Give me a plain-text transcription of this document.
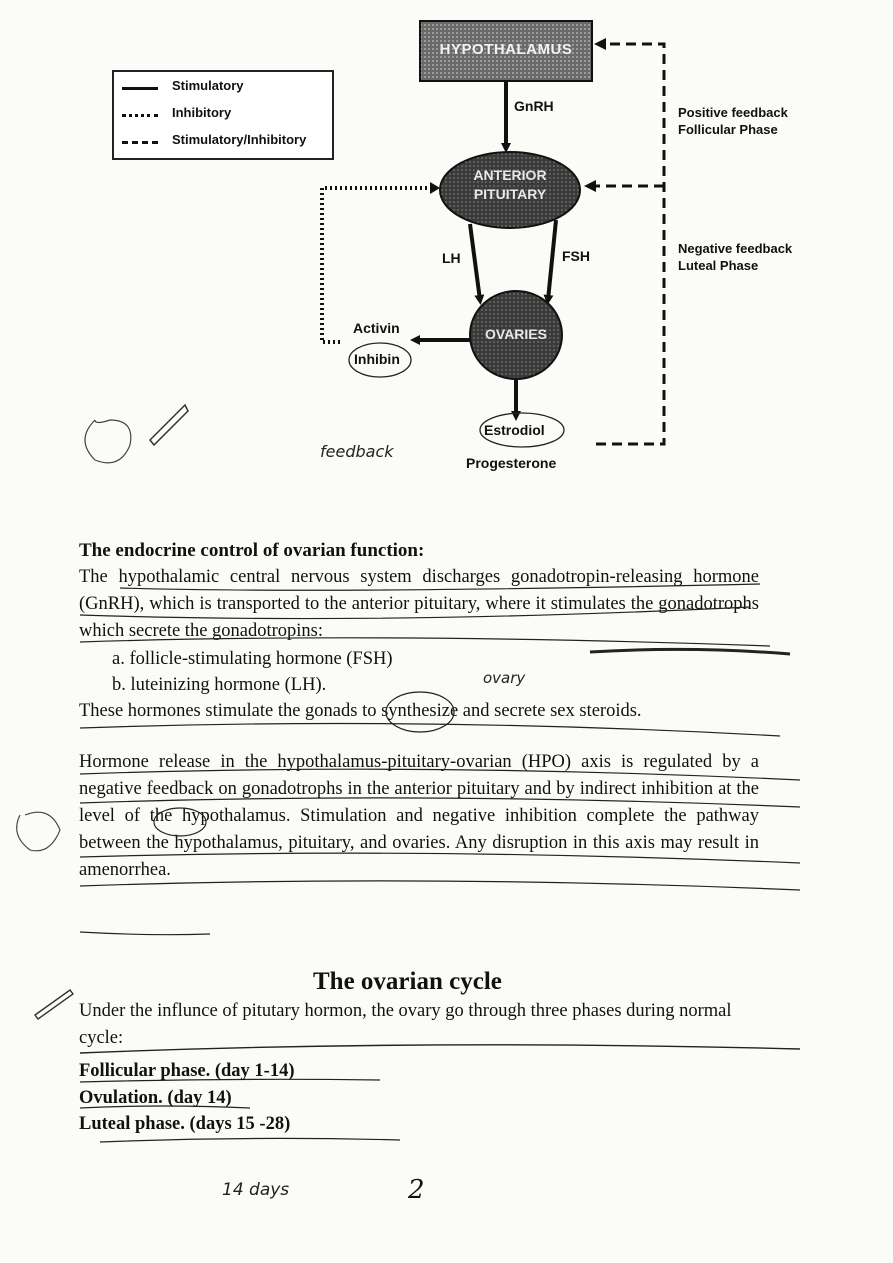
Stimulatory
Inhibitory
Stimulatory/Inhibitory
HYPOTHALAMUS
ANTERIOR
PITUITARY
OVARIES
GnRH
LH	FSH
Activin
Inhibin
Estrodiol
Progesterone
Positive feedback
Follicular Phase
Negative feedback
Luteal Phase
feedback
The endocrine control of ovarian function:
The hypothalamic central nervous system discharges gonadotropin-releasing hormone (GnRH), which is transported to the anterior pituitary, where it stimulates the gonadotrophs which secrete the gonadotropins:
a. follicle-stimulating hormone (FSH)
b. luteinizing hormone (LH).	ovary
These hormones stimulate the gonads to synthesize and secrete sex steroids.
Hormone release in the hypothalamus-pituitary-ovarian (HPO) axis is regulated by a negative feedback on gonadotrophs in the anterior pituitary and by indirect inhibition at the level of the hypothalamus. Stimulation and negative inhibition complete the pathway between the hypothalamus, pituitary, and ovaries. Any disruption in this axis may result in amenorrhea.
The ovarian cycle
Under the influnce of pitutary hormon, the ovary go through three phases during normal cycle:
Follicular phase. (day 1-14)
Ovulation. (day 14)
Luteal phase. (days 15 -28)
14 days	2
